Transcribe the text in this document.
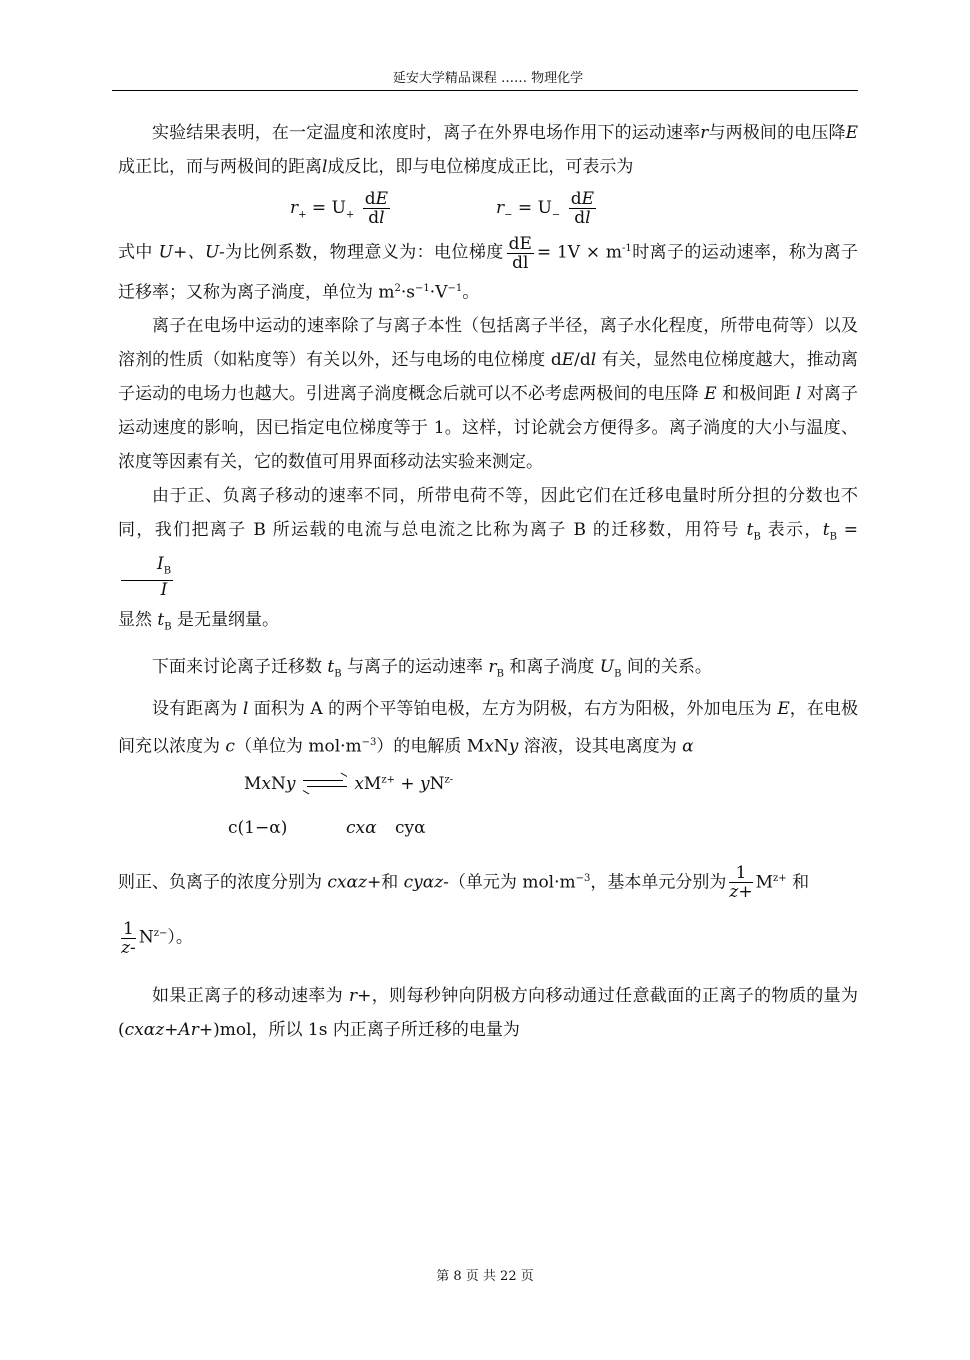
延安大学精品课程 …… 物理化学

实验结果表明，在一定温度和浓度时，离子在外界电场作用下的运动速率r与两极间的电压降E成正比，而与两极间的距离l成反比，即与电位梯度成正比，可表示为

$r_+ = U_+ \frac{dE}{dl}$	$r_- = U_- \frac{dE}{dl}$

式中 U+、U-为比例系数，物理意义为：电位梯度 $\frac{dE}{dl} = 1V \times m^{-1}$时离子的运动速率，称为离子迁移率；又称为离子淌度，单位为 $m^2\cdot s^{-1}\cdot V^{-1}$。

离子在电场中运动的速率除了与离子本性（包括离子半径，离子水化程度，所带电荷等）以及溶剂的性质（如粘度等）有关以外，还与电场的电位梯度 dE/dl 有关，显然电位梯度越大，推动离子运动的电场力也越大。引进离子淌度概念后就可以不必考虑两极间的电压降 E 和极间距 l 对离子运动速度的影响，因已指定电位梯度等于 1。这样，讨论就会方便得多。离子淌度的大小与温度、浓度等因素有关，它的数值可用界面移动法实验来测定。

由于正、负离子移动的速率不同，所带电荷不等，因此它们在迁移电量时所分担的分数也不同，我们把离子 B 所运载的电流与总电流之比称为离子 B 的迁移数，用符号 $t_B$ 表示，$t_B$ =
$\frac{I_B}{I}$

显然 $t_B$ 是无量纲量。

下面来讨论离子迁移数 $t_B$ 与离子的运动速率 $r_B$ 和离子淌度 $U_B$ 间的关系。

设有距离为 l 面积为 A 的两个平等铂电极，左方为阴极，右方为阳极，外加电压为 E，在电极间充以浓度为 c（单位为 $mol\cdot m^{-3}$）的电解质 MxNy 溶液，设其电离度为 α

MxNy	$xM^{z+} + yN^{z-}$
c(1−α)	cxα cyα

则正、负离子的浓度分别为 cxαz+和 cyαz-（单元为 $mol\cdot m^{-3}$，基本单元分别为 $\frac{1}{z+} M^{z+}$ 和

$\frac{1}{z-} N^{z-}$）。

如果正离子的移动速率为 r+，则每秒钟向阴极方向移动通过任意截面的正离子的物质的量为(cxαz+Ar+)mol，所以 1s 内正离子所迁移的电量为

第 8 页 共 22 页
